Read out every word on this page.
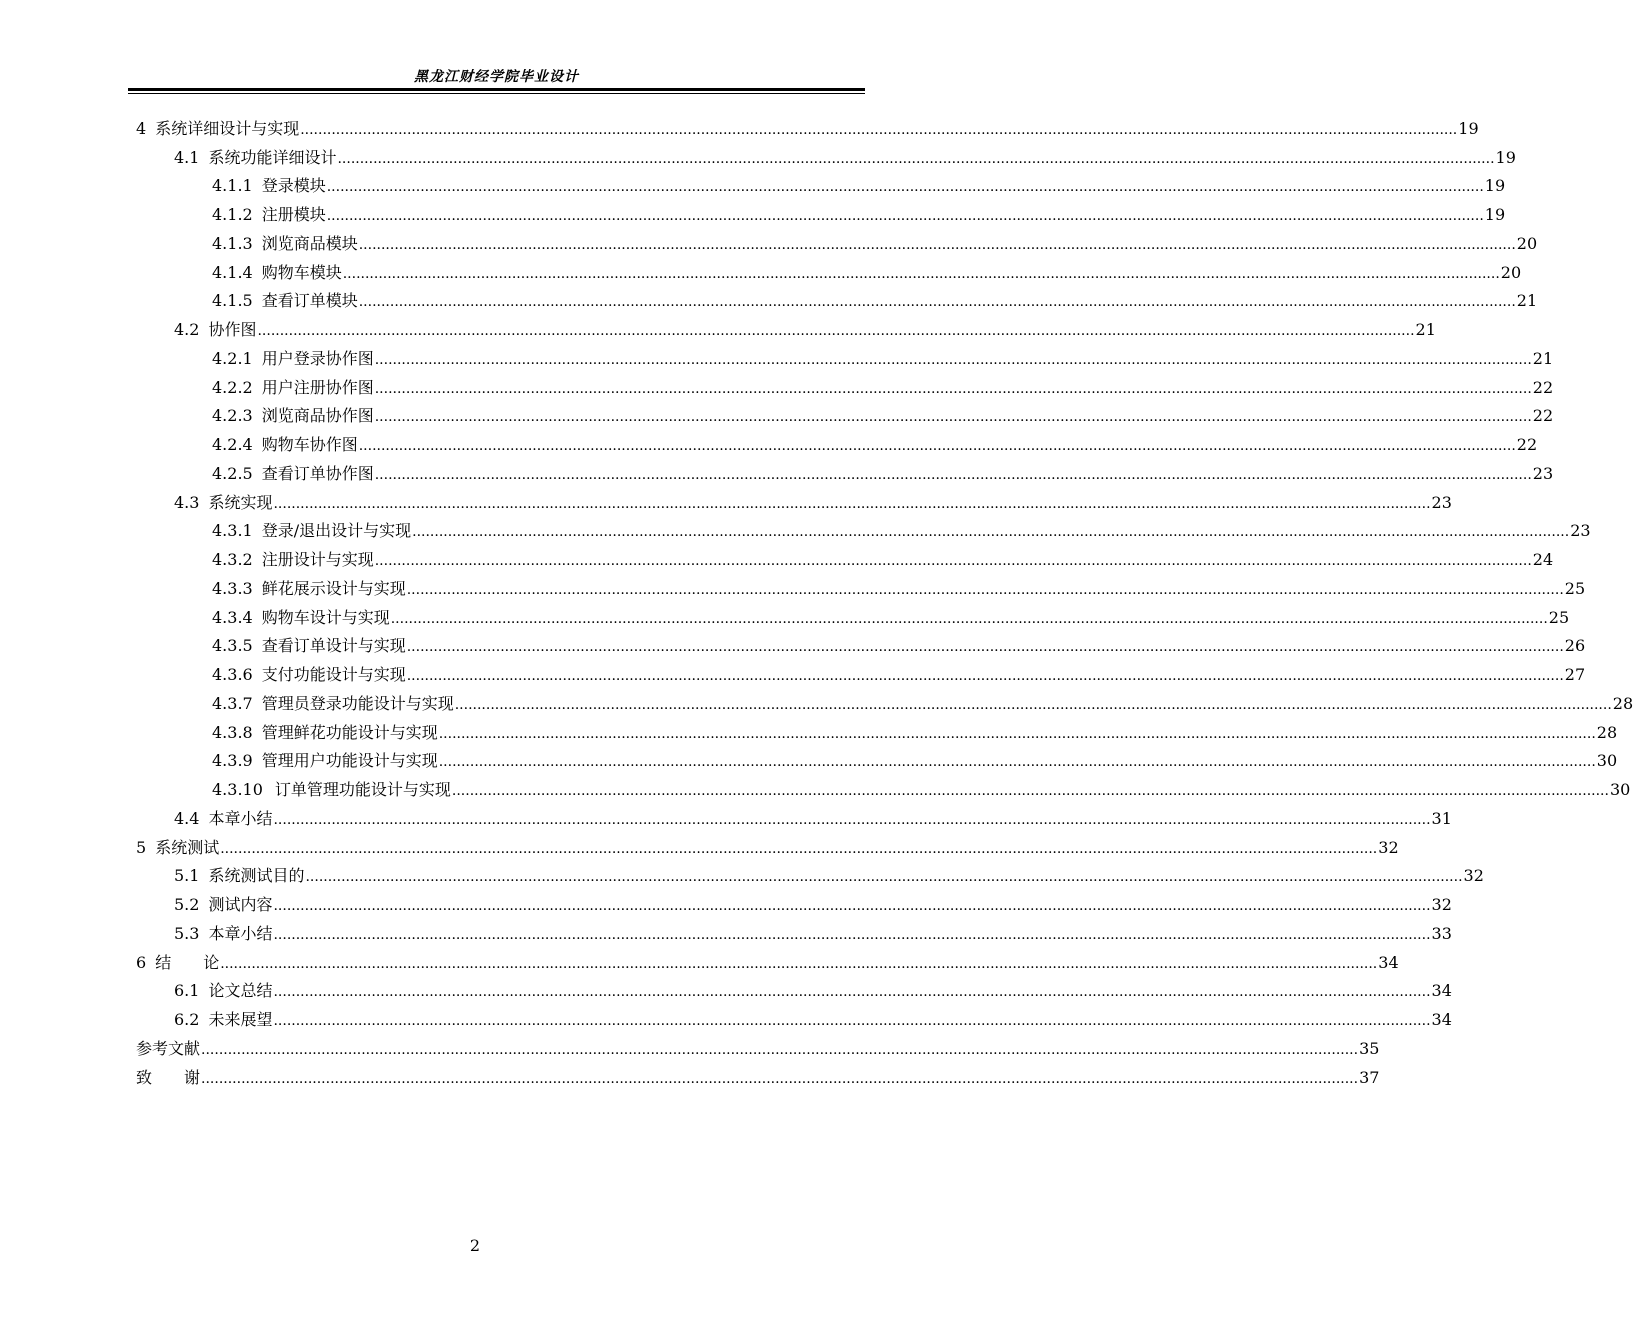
黑龙江财经学院毕业设计
4 系统详细设计与实现 .................................................................................................................................................................................................................................................................... 19
4.1 系统功能详细设计 .................................................................................................................................................................................................................................................................... 19
4.1.1 登录模块 .................................................................................................................................................................................................................................................................... 19
4.1.2 注册模块 .................................................................................................................................................................................................................................................................... 19
4.1.3 浏览商品模块 .................................................................................................................................................................................................................................................................... 20
4.1.4 购物车模块 .................................................................................................................................................................................................................................................................... 20
4.1.5 查看订单模块 .................................................................................................................................................................................................................................................................... 21
4.2 协作图 .................................................................................................................................................................................................................................................................... 21
4.2.1 用户登录协作图 .................................................................................................................................................................................................................................................................... 21
4.2.2 用户注册协作图 .................................................................................................................................................................................................................................................................... 22
4.2.3 浏览商品协作图 .................................................................................................................................................................................................................................................................... 22
4.2.4 购物车协作图 .................................................................................................................................................................................................................................................................... 22
4.2.5 查看订单协作图 .................................................................................................................................................................................................................................................................... 23
4.3 系统实现 .................................................................................................................................................................................................................................................................... 23
4.3.1 登录/退出设计与实现 .................................................................................................................................................................................................................................................................... 23
4.3.2 注册设计与实现 .................................................................................................................................................................................................................................................................... 24
4.3.3 鲜花展示设计与实现 .................................................................................................................................................................................................................................................................... 25
4.3.4 购物车设计与实现 .................................................................................................................................................................................................................................................................... 25
4.3.5 查看订单设计与实现 .................................................................................................................................................................................................................................................................... 26
4.3.6 支付功能设计与实现 .................................................................................................................................................................................................................................................................... 27
4.3.7 管理员登录功能设计与实现 .................................................................................................................................................................................................................................................................... 28
4.3.8 管理鲜花功能设计与实现 .................................................................................................................................................................................................................................................................... 28
4.3.9 管理用户功能设计与实现 .................................................................................................................................................................................................................................................................... 30
4.3.10 订单管理功能设计与实现 .................................................................................................................................................................................................................................................................... 30
4.4 本章小结 .................................................................................................................................................................................................................................................................... 31
5 系统测试 .................................................................................................................................................................................................................................................................... 32
5.1 系统测试目的 .................................................................................................................................................................................................................................................................... 32
5.2 测试内容 .................................................................................................................................................................................................................................................................... 32
5.3 本章小结 .................................................................................................................................................................................................................................................................... 33
6 结　　论 .................................................................................................................................................................................................................................................................... 34
6.1 论文总结 .................................................................................................................................................................................................................................................................... 34
6.2 未来展望 .................................................................................................................................................................................................................................................................... 34
参考文献 .................................................................................................................................................................................................................................................................... 35
致　　谢 .................................................................................................................................................................................................................................................................... 37
2
